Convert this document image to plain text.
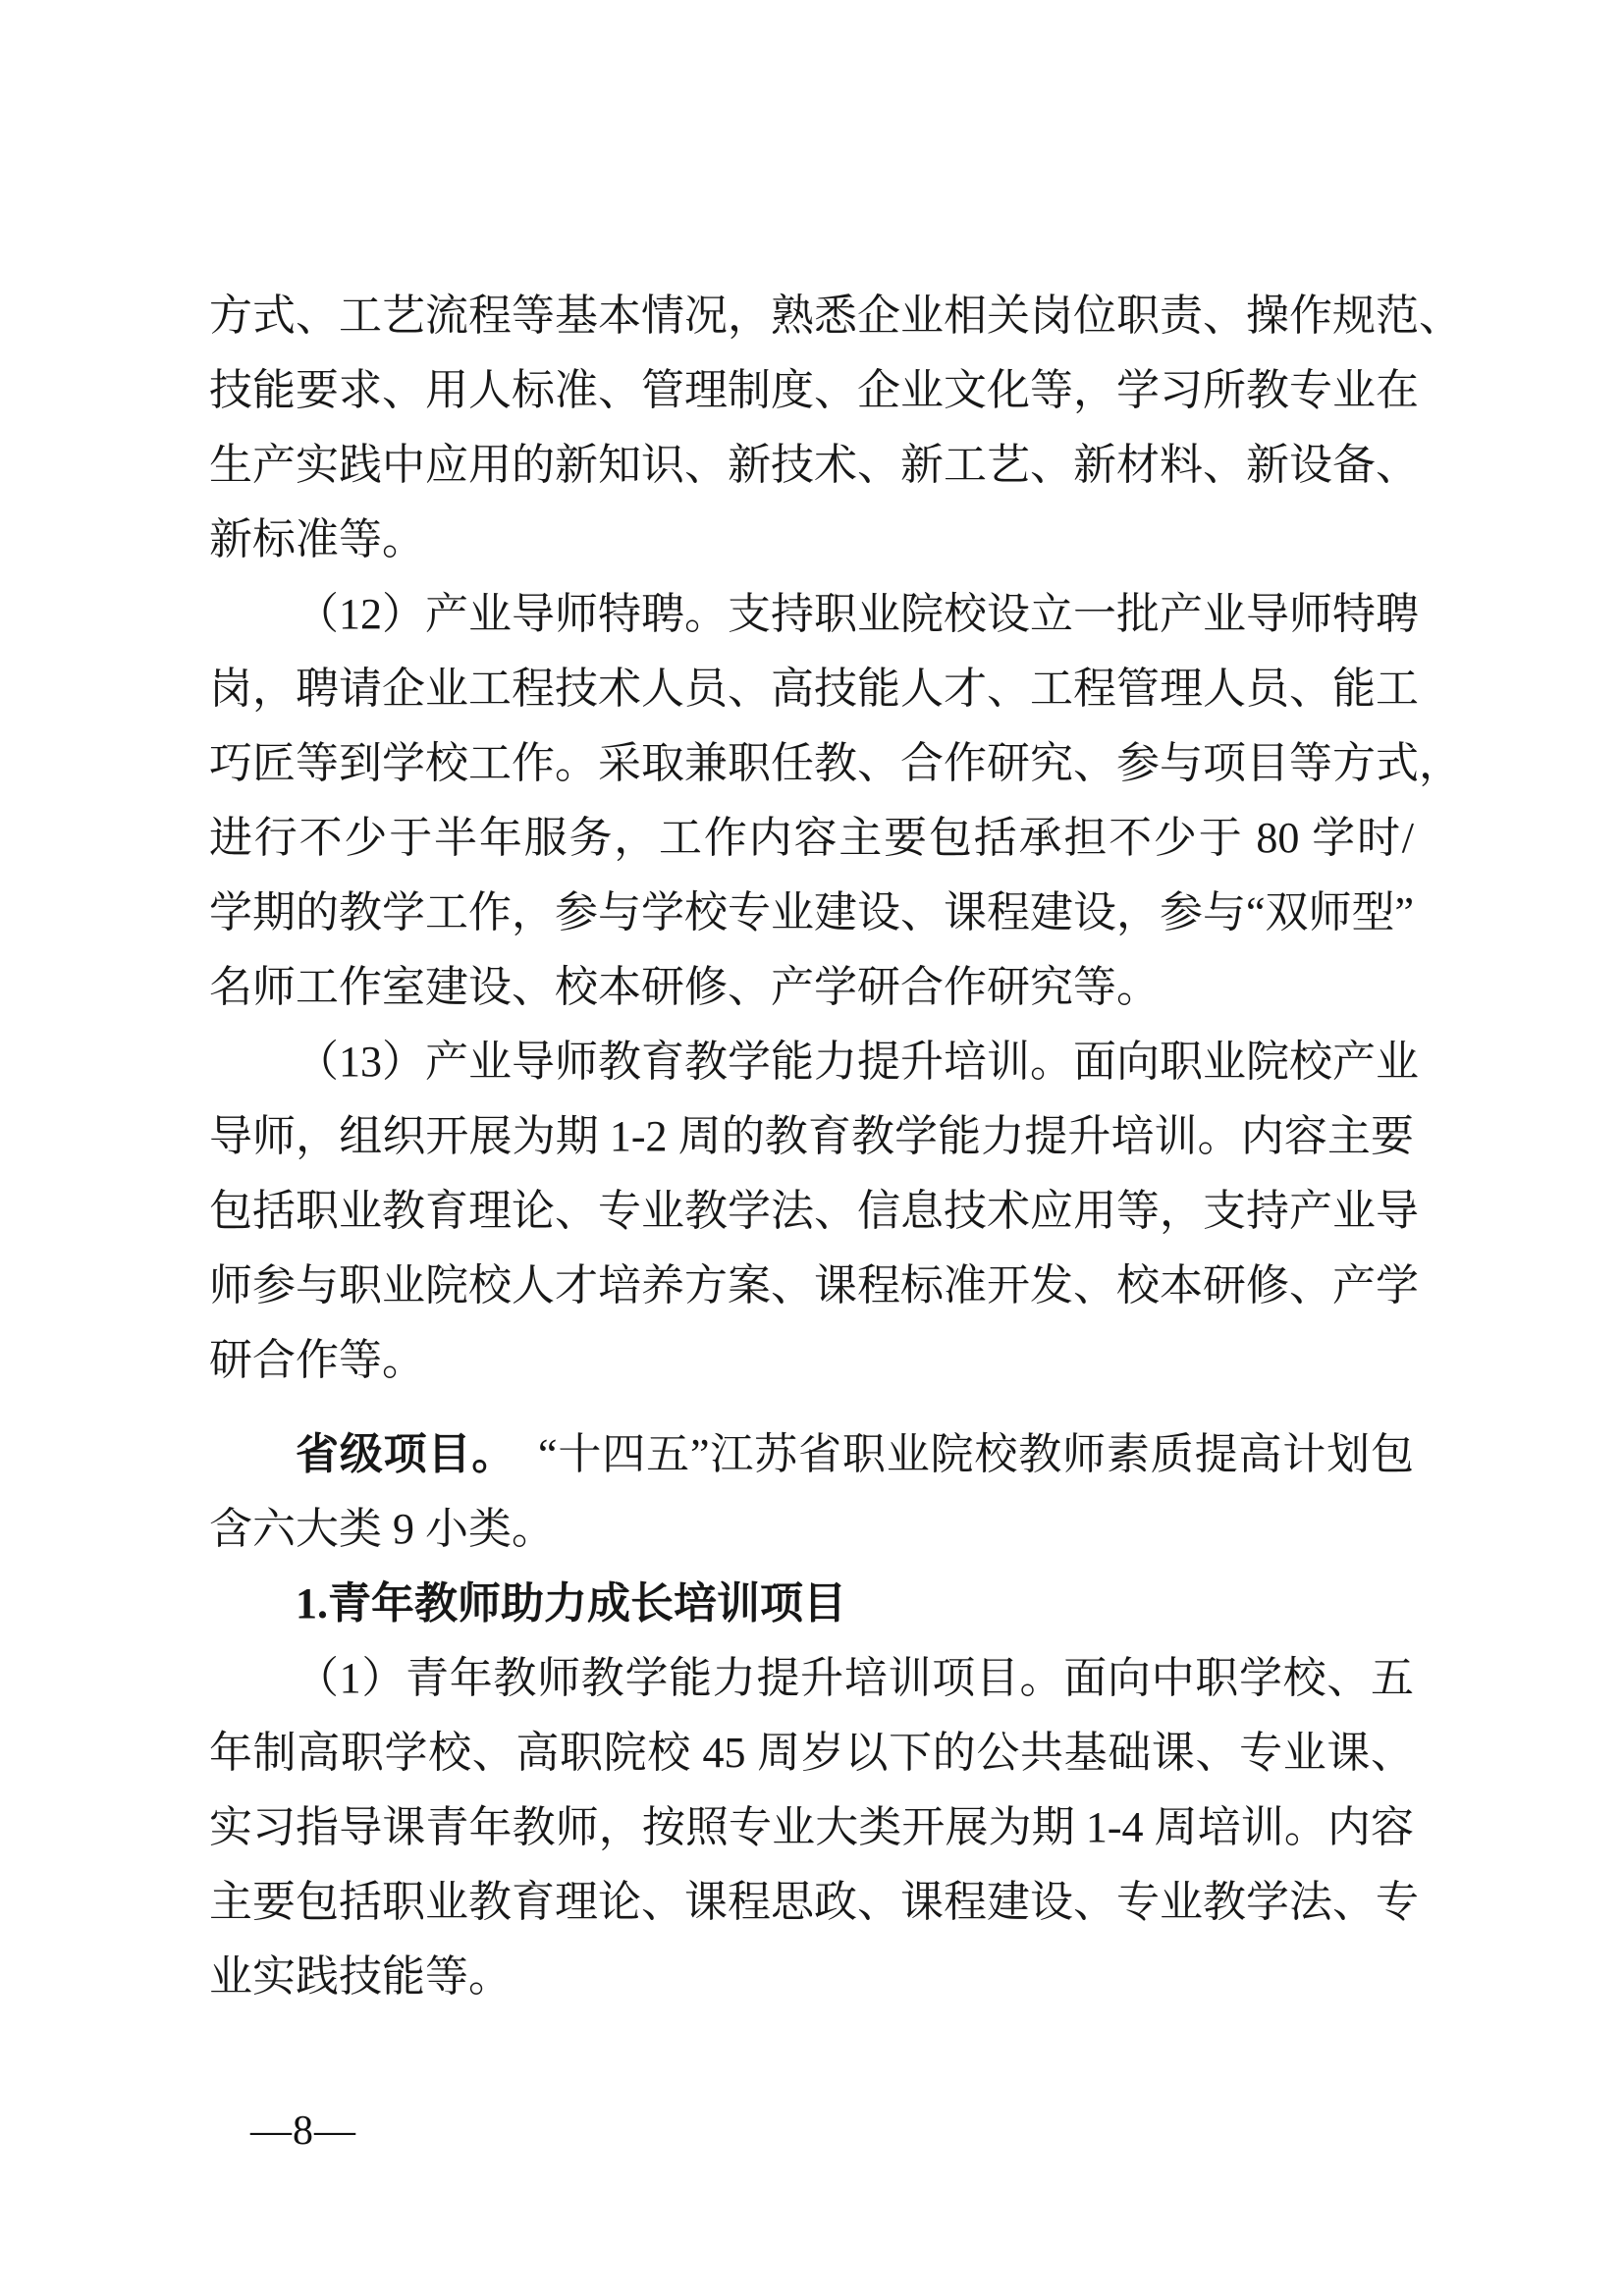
方式、工艺流程等基本情况，熟悉企业相关岗位职责、操作规范、
技能要求、用人标准、管理制度、企业文化等，学习所教专业在
生产实践中应用的新知识、新技术、新工艺、新材料、新设备、
新标准等。
（12）产业导师特聘。支持职业院校设立一批产业导师特聘
岗，聘请企业工程技术人员、高技能人才、工程管理人员、能工
巧匠等到学校工作。采取兼职任教、合作研究、参与项目等方式，
进行不少于半年服务，工作内容主要包括承担不少于 80 学时/
学期的教学工作，参与学校专业建设、课程建设，参与“双师型”
名师工作室建设、校本研修、产学研合作研究等。
（13）产业导师教育教学能力提升培训。面向职业院校产业
导师，组织开展为期 1-2 周的教育教学能力提升培训。内容主要
包括职业教育理论、专业教学法、信息技术应用等，支持产业导
师参与职业院校人才培养方案、课程标准开发、校本研修、产学
研合作等。
省级项目。　“十四五”江苏省职业院校教师素质提高计划包
含六大类 9 小类。
1.青年教师助力成长培训项目
（1）青年教师教学能力提升培训项目。面向中职学校、五
年制高职学校、高职院校 45 周岁以下的公共基础课、专业课、
实习指导课青年教师，按照专业大类开展为期 1-4 周培训。内容
主要包括职业教育理论、课程思政、课程建设、专业教学法、专
业实践技能等。
—8—
